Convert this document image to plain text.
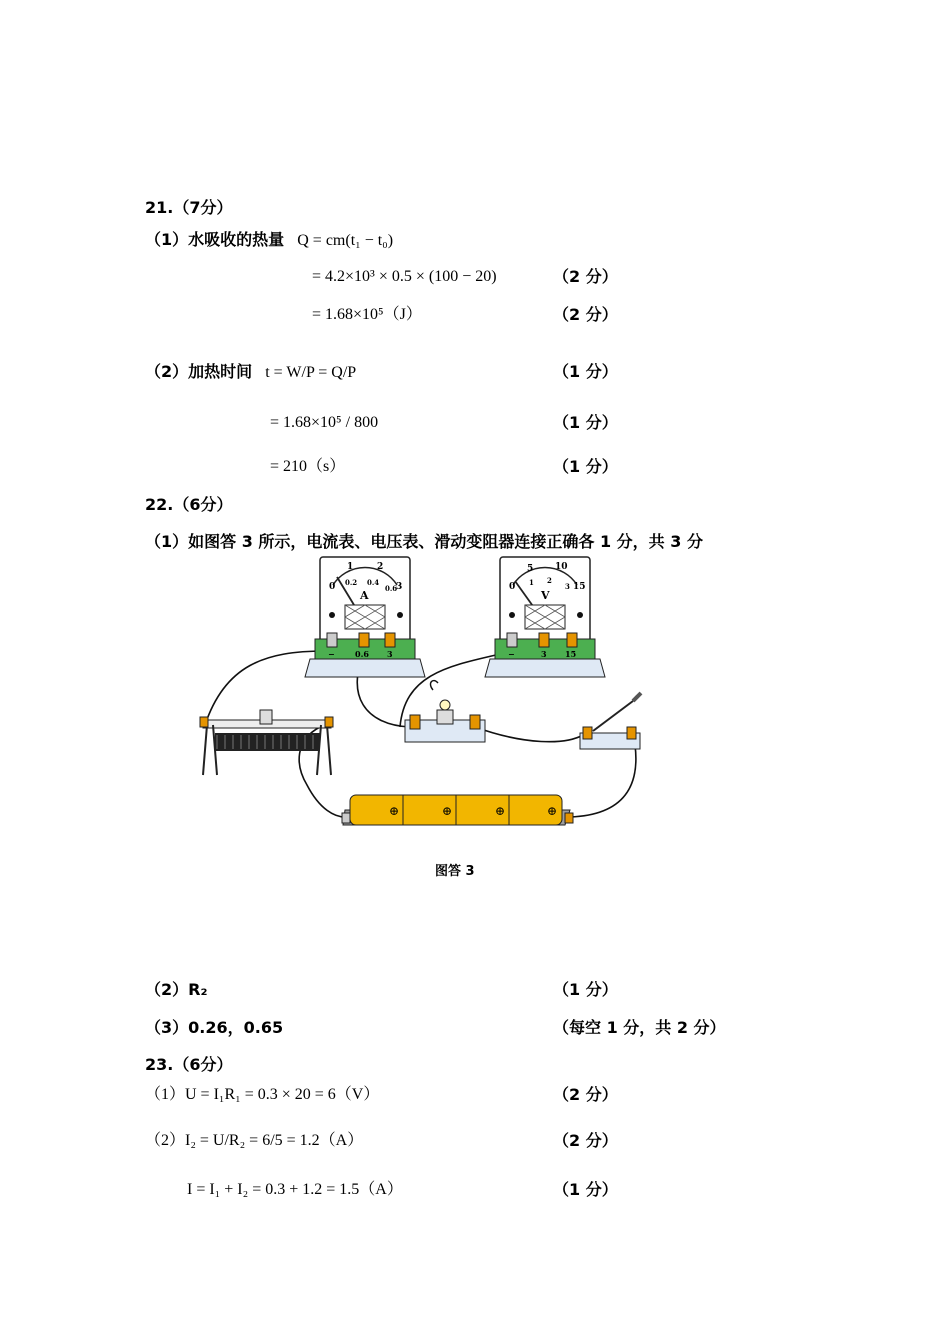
21.（7分）
（1）水吸收的热量 Q = cm(t₁ − t₀)
= 4.2×10³ × 0.5 × (100 − 20)	（2 分）
= 1.68×10⁵（J）	（2 分）
（2）加热时间 t = W/P = Q/P	（1 分）
= 1.68×10⁵ / 800	（1 分）
= 210（s）	（1 分）
22.（6分）
（1）如图答 3 所示，电流表、电压表、滑动变阻器连接正确各 1 分，共 3 分
0
1	2
3
0.2 0.4
0.6
A
−	0.6 3
0
5 10
15
1 2
3
V
−	3 15
⊕	⊕	⊕	⊕
图答 3
（2）R₂	（1 分）
（3）0.26，0.65	（每空 1 分，共 2 分）
23.（6分）
（1）U = I₁R₁ = 0.3 × 20 = 6（V）	（2 分）
（2）I₂ = U/R₂ = 6/5 = 1.2（A）	（2 分）
I = I₁ + I₂ = 0.3 + 1.2 = 1.5（A）	（1 分）
